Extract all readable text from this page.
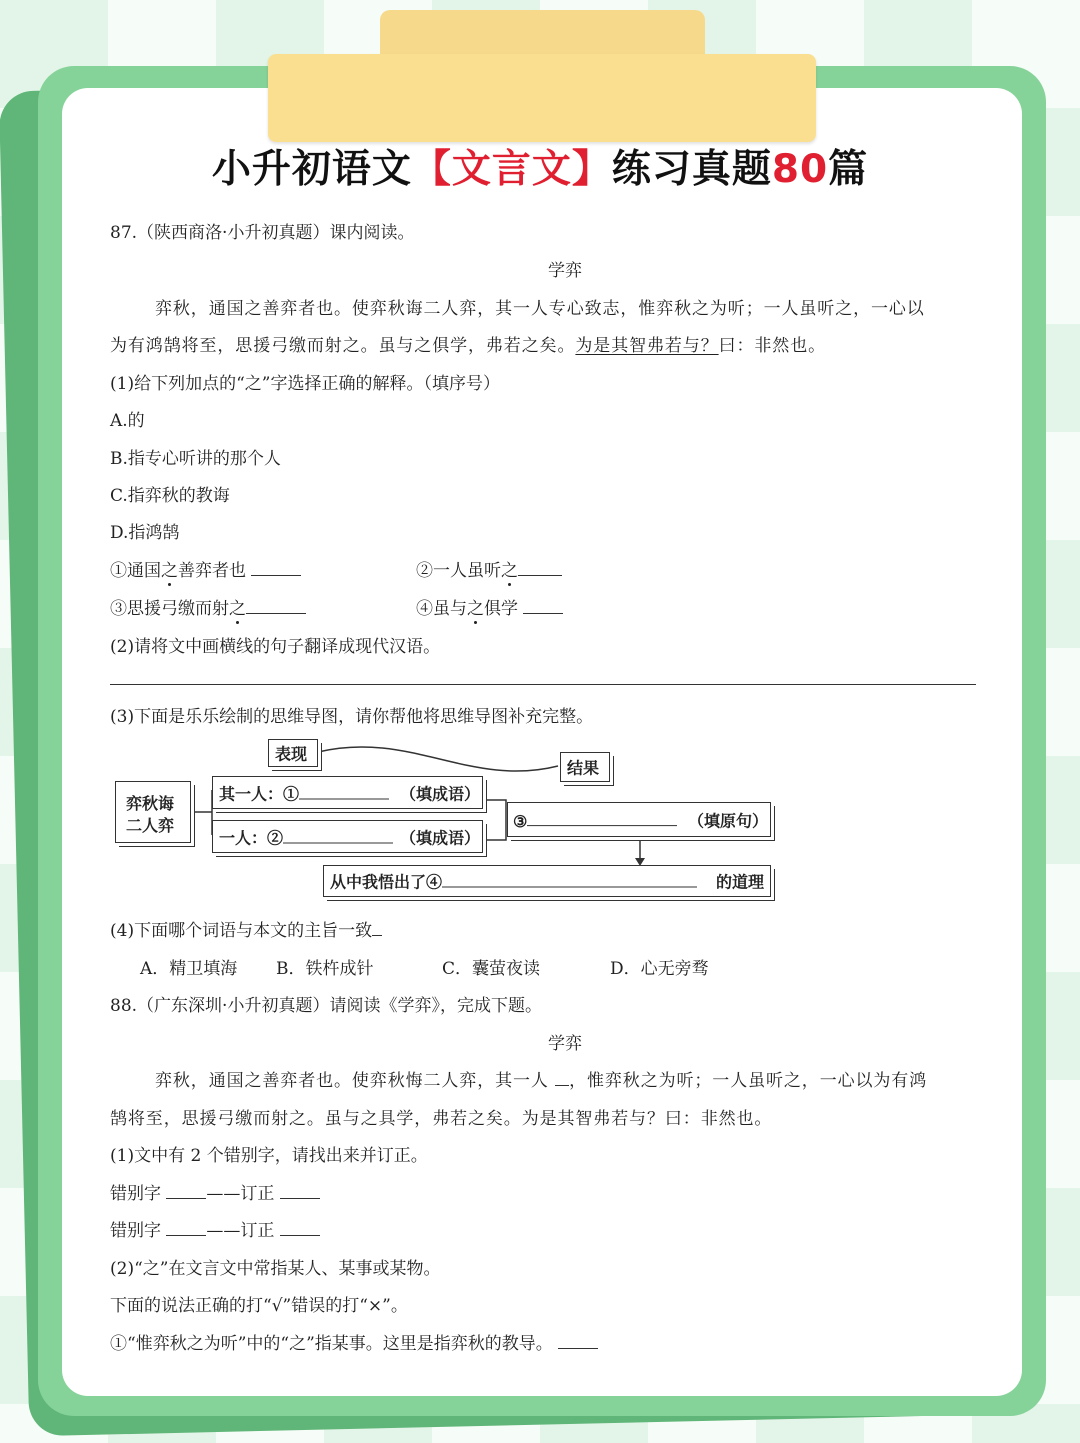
小升初语文【文言文】练习真题80篇
87.（陕西商洛·小升初真题）课内阅读。
学弈
弈秋，通国之善弈者也。使弈秋诲二人弈，其一人专心致志，惟弈秋之为听；一人虽听之，一心以
为有鸿鹄将至，思援弓缴而射之。虽与之俱学，弗若之矣。为是其智弗若与？曰：非然也。
(1)给下列加点的“之”字选择正确的解释。（填序号）
A.的
B.指专心听讲的那个人
C.指弈秋的教诲
D.指鸿鹄
①通国之善弈者也	②一人虽听之
③思援弓缴而射之	④虽与之俱学
(2)请将文中画横线的句子翻译成现代汉语。
(3)下面是乐乐绘制的思维导图，请你帮他将思维导图补充完整。
表现
结果
弈秋诲
二人弈
其一人：①	（填成语）
一人：②	（填成语）
③	（填原句）
从中我悟出了④	的道理
(4)下面哪个词语与本文的主旨一致
A．精卫填海 B．铁杵成针	C．囊萤夜读	D．心无旁骛
88.（广东深圳·小升初真题）请阅读《学弈》，完成下题。
学弈
弈秋，通国之善弈者也。使弈秋悔二人弈，其一人 ，惟弈秋之为听；一人虽听之，一心以为有鸿
鹄将至，思援弓缴而射之。虽与之具学，弗若之矣。为是其智弗若与？曰：非然也。
(1)文中有 2 个错别字，请找出来并订正。
错别字	——订正
错别字	——订正
(2)“之”在文言文中常指某人、某事或某物。
下面的说法正确的打“√”错误的打“×”。
①“惟弈秋之为听”中的“之”指某事。这里是指弈秋的教导。
